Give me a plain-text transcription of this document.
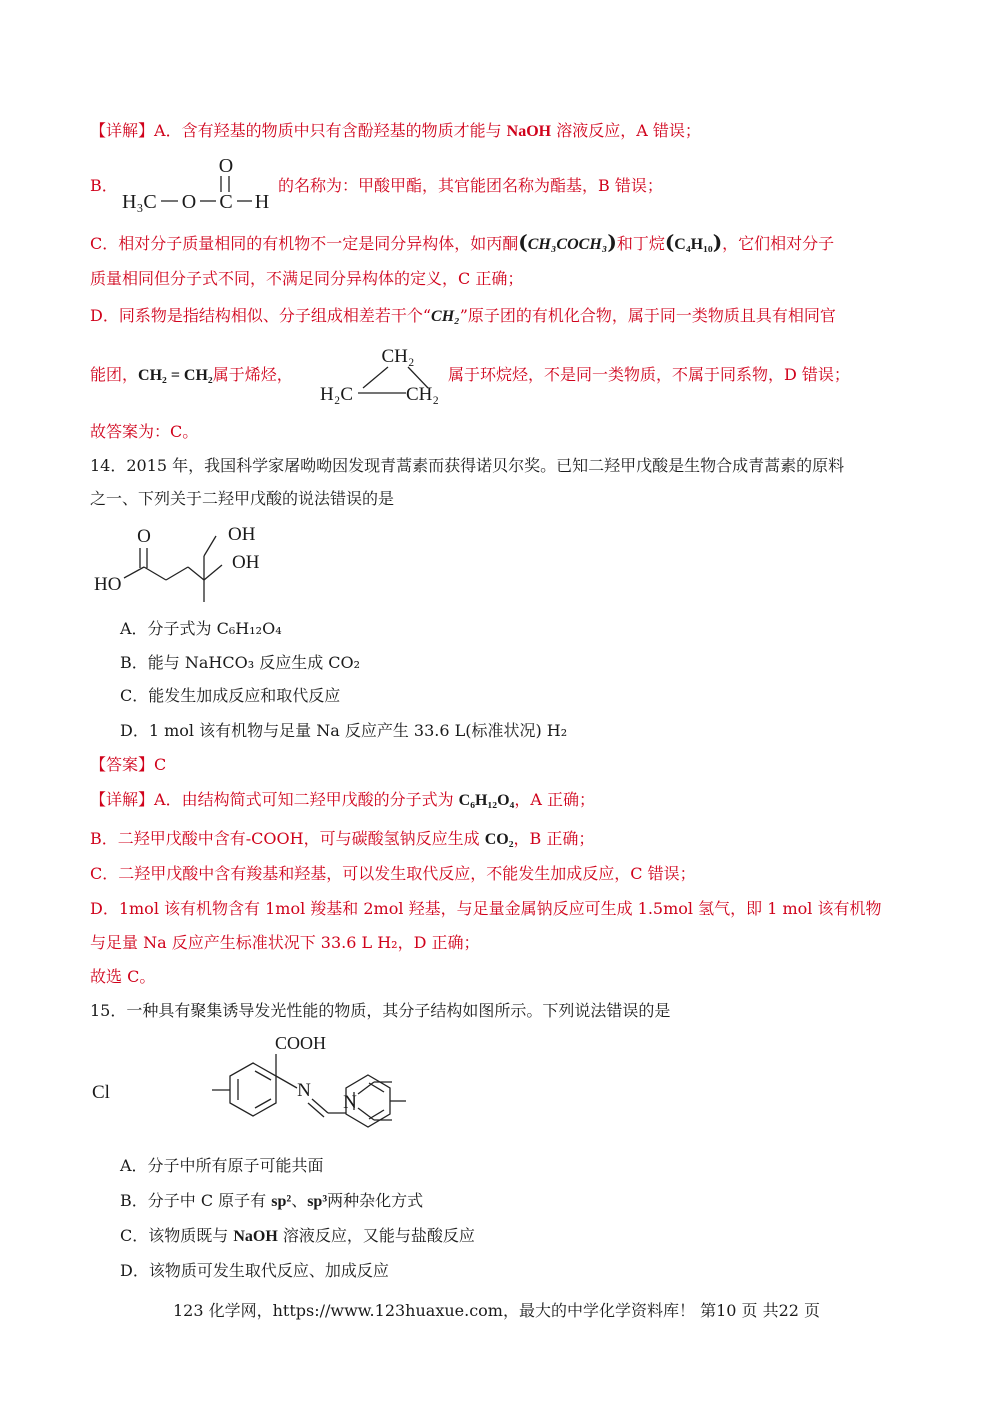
【详解】A．含有羟基的物质中只有含酚羟基的物质才能与 NaOH 溶液反应，A 错误；
B．
O
H₃C O C H
的名称为：甲酸甲酯，其官能团名称为酯基，B 错误；
C．相对分子质量相同的有机物不一定是同分异构体，如丙酮(CH₃COCH₃)和丁烷(C₄H₁₀)，它们相对分子
质量相同但分子式不同，不满足同分异构体的定义，C 正确；
D．同系物是指结构相似、分子组成相差若干个“CH₂”原子团的有机化合物，属于同一类物质且具有相同官
能团，CH₂ = CH₂属于烯烃，
CH₂
H₂C	CH₂
属于环烷烃，不是同一类物质，不属于同系物，D 错误；
故答案为：C。
14．2015 年，我国科学家屠呦呦因发现青蒿素而获得诺贝尔奖。已知二羟甲戊酸是生物合成青蒿素的原料
之一、下列关于二羟甲戊酸的说法错误的是
O
HO
OH
OH
A．分子式为 C₆H₁₂O₄
B．能与 NaHCO₃ 反应生成 CO₂
C．能发生加成反应和取代反应
D．1 mol 该有机物与足量 Na 反应产生 33.6 L(标准状况) H₂
【答案】C
【详解】A．由结构简式可知二羟甲戊酸的分子式为 C₆H₁₂O₄，A 正确；
B．二羟甲戊酸中含有-COOH，可与碳酸氢钠反应生成 CO₂，B 正确；
C．二羟甲戊酸中含有羧基和羟基，可以发生取代反应，不能发生加成反应，C 错误；
D．1mol 该有机物含有 1mol 羧基和 2mol 羟基，与足量金属钠反应可生成 1.5mol 氢气，即 1 mol 该有机物
与足量 Na 反应产生标准状况下 33.6 L H₂，D 正确；
故选 C。
15．一种具有聚集诱导发光性能的物质，其分子结构如图所示。下列说法错误的是
COOH
Cl	N
N
A．分子中所有原子可能共面
B．分子中 C 原子有 sp²、sp³两种杂化方式
C．该物质既与 NaOH 溶液反应，又能与盐酸反应
D．该物质可发生取代反应、加成反应
123 化学网，https://www.123huaxue.com，最大的中学化学资料库！ 第10 页 共22 页
